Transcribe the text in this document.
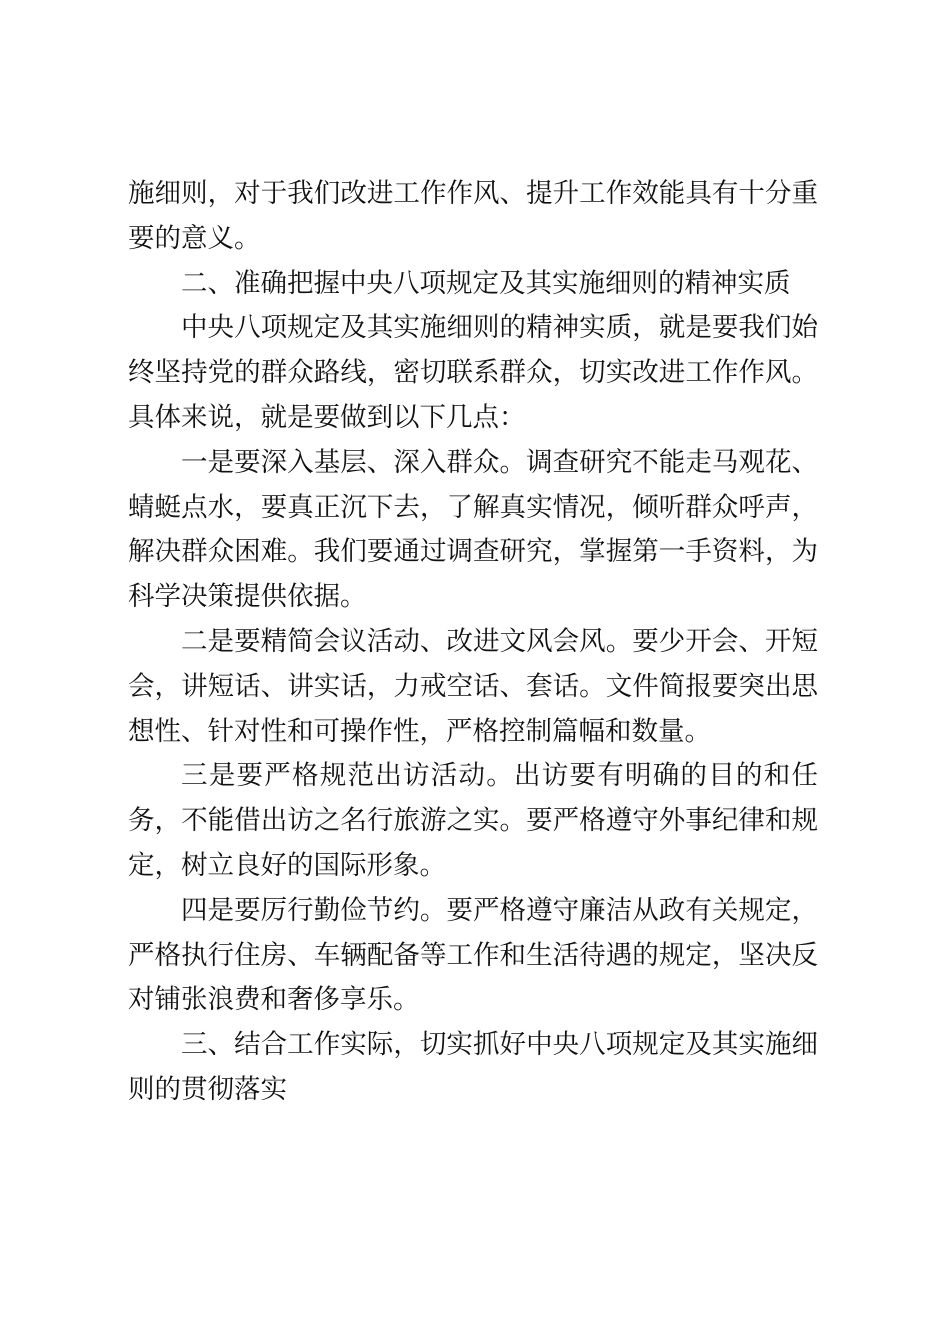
施细则，对于我们改进工作作风、提升工作效能具有十分重要的意义。

二、准确把握中央八项规定及其实施细则的精神实质

中央八项规定及其实施细则的精神实质，就是要我们始终坚持党的群众路线，密切联系群众，切实改进工作作风。具体来说，就是要做到以下几点：

一是要深入基层、深入群众。调查研究不能走马观花、蜻蜓点水，要真正沉下去，了解真实情况，倾听群众呼声，解决群众困难。我们要通过调查研究，掌握第一手资料，为科学决策提供依据。

二是要精简会议活动、改进文风会风。要少开会、开短会，讲短话、讲实话，力戒空话、套话。文件简报要突出思想性、针对性和可操作性，严格控制篇幅和数量。

三是要严格规范出访活动。出访要有明确的目的和任务，不能借出访之名行旅游之实。要严格遵守外事纪律和规定，树立良好的国际形象。

四是要厉行勤俭节约。要严格遵守廉洁从政有关规定，严格执行住房、车辆配备等工作和生活待遇的规定，坚决反对铺张浪费和奢侈享乐。

三、结合工作实际，切实抓好中央八项规定及其实施细则的贯彻落实
